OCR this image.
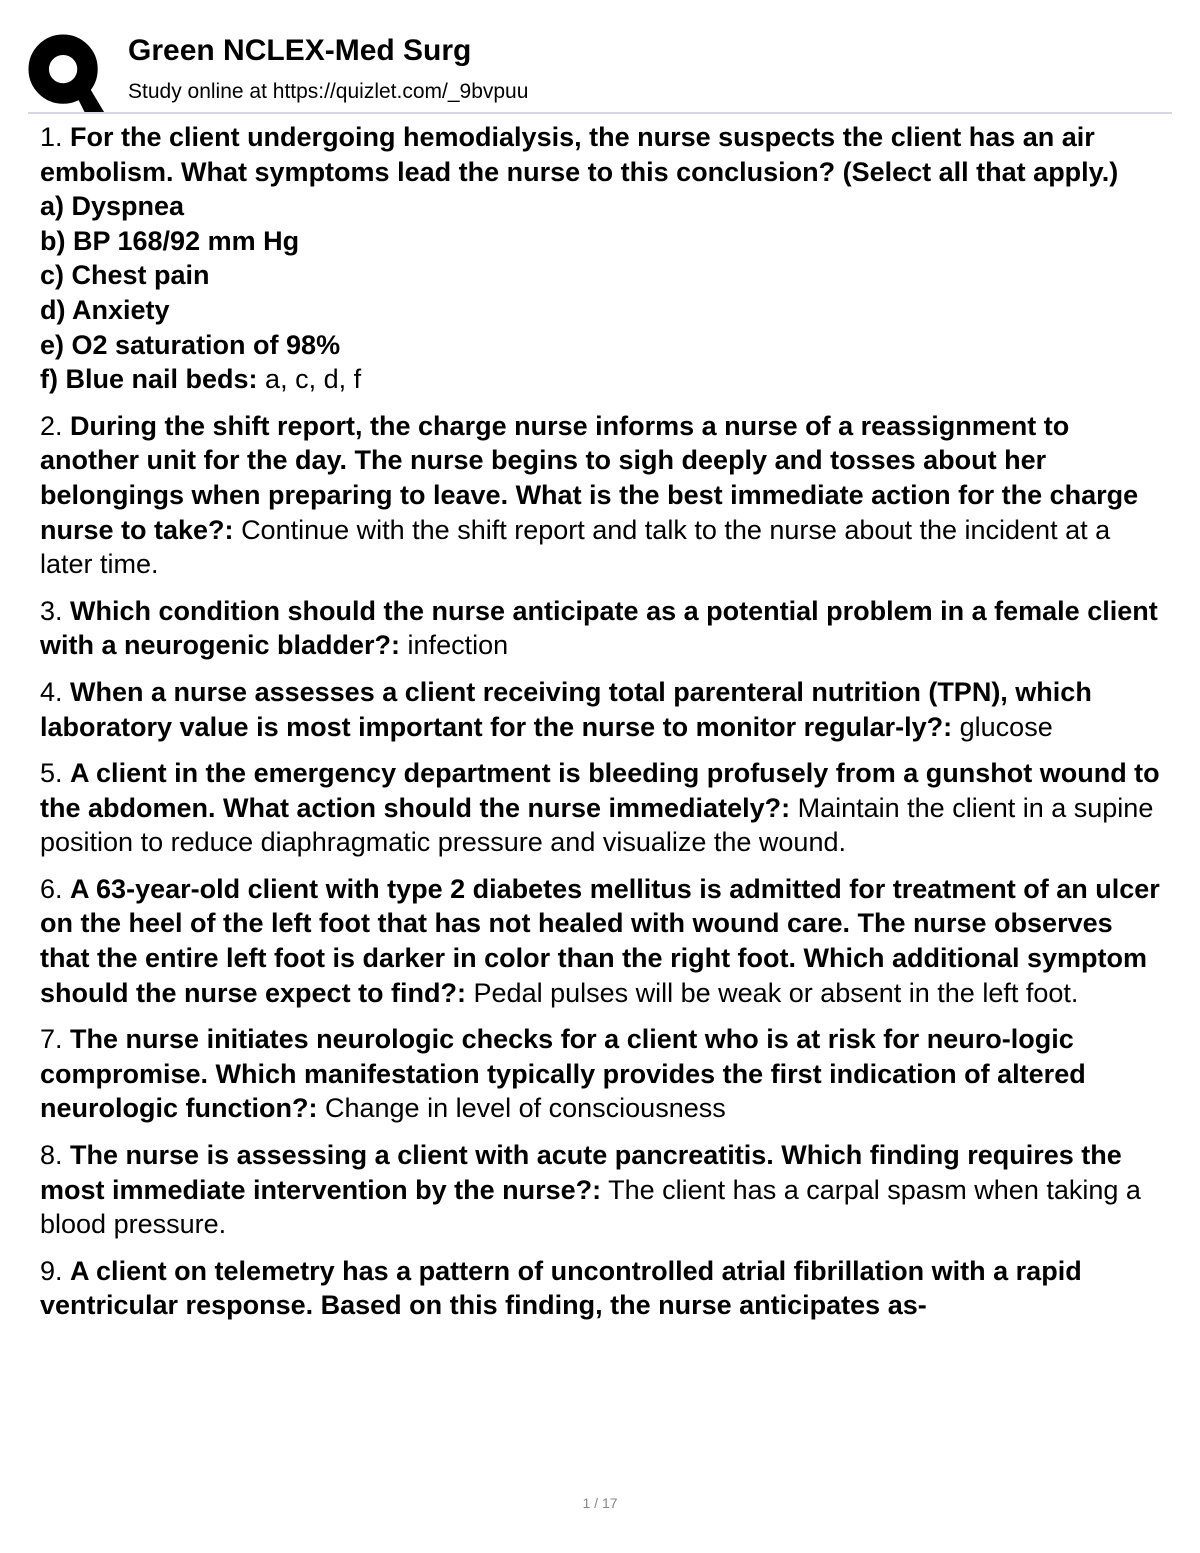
Green NCLEX-Med Surg
Study online at https://quizlet.com/_9bvpuu
1. For the client undergoing hemodialysis, the nurse suspects the client has an air embolism. What symptoms lead the nurse to this conclusion? (Select all that apply.)
a) Dyspnea
b) BP 168/92 mm Hg
c) Chest pain
d) Anxiety
e) O2 saturation of 98%
f) Blue nail beds: a, c, d, f
2. During the shift report, the charge nurse informs a nurse of a reassignment to another unit for the day. The nurse begins to sigh deeply and tosses about her belongings when preparing to leave. What is the best immediate action for the charge nurse to take?: Continue with the shift report and talk to the nurse about the incident at a later time.
3. Which condition should the nurse anticipate as a potential problem in a female client with a neurogenic bladder?: infection
4. When a nurse assesses a client receiving total parenteral nutrition (TPN), which laboratory value is most important for the nurse to monitor regular-ly?: glucose
5. A client in the emergency department is bleeding profusely from a gunshot wound to the abdomen. What action should the nurse immediately?: Maintain the client in a supine position to reduce diaphragmatic pressure and visualize the wound.
6. A 63-year-old client with type 2 diabetes mellitus is admitted for treatment of an ulcer on the heel of the left foot that has not healed with wound care. The nurse observes that the entire left foot is darker in color than the right foot. Which additional symptom should the nurse expect to find?: Pedal pulses will be weak or absent in the left foot.
7. The nurse initiates neurologic checks for a client who is at risk for neuro-logic compromise. Which manifestation typically provides the first indication of altered neurologic function?: Change in level of consciousness
8. The nurse is assessing a client with acute pancreatitis. Which finding requires the most immediate intervention by the nurse?: The client has a carpal spasm when taking a blood pressure.
9. A client on telemetry has a pattern of uncontrolled atrial fibrillation with a rapid ventricular response. Based on this finding, the nurse anticipates as-
1 / 17
